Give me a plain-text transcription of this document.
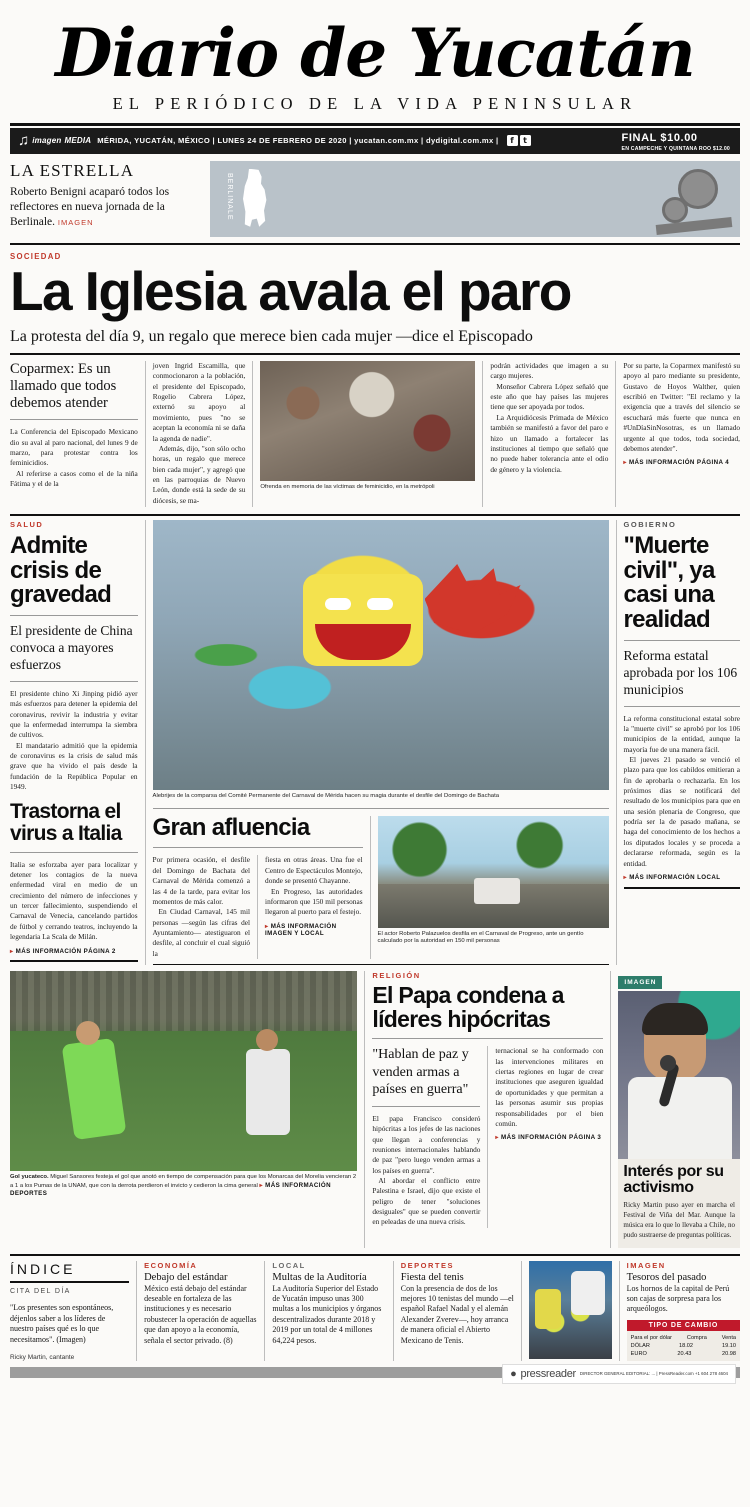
Diario de Yucatán
EL PERIÓDICO DE LA VIDA PENINSULAR
♫ imagen MEDIA MÉRIDA, YUCATÁN, MÉXICO | LUNES 24 DE FEBRERO DE 2020 | yucatan.com.mx | dydigital.com.mx |	f	t	FINAL $10.00
EN CAMPECHE Y QUINTANA ROO $12.00
LA ESTRELLA
Roberto Benigni acaparó todos los reflectores en nueva jornada de la Berlinale. IMAGEN
BERLINALE
SOCIEDAD
La Iglesia avala el paro
La protesta del día 9, un regalo que merece bien cada mujer —dice el Episcopado
Coparmex: Es un llamado que todos debemos atender

La Conferencia del Episcopado Mexicano dio su aval al paro nacional, del lunes 9 de marzo, para protestar contra los feminicidios.

Al referirse a casos como el de la niña Fátima y el de la

joven Ingrid Escamilla, que conmocionaron a la población, el presidente del Episcopado, Rogelio Cabrera López, externó su apoyo al movimiento, pues "no se aceptan la economía ni se daña la agenda de nadie".

Además, dijo, "son sólo ocho horas, un regalo que merece bien cada mujer", y agregó que en las parroquias de Nuevo León, donde está la sede de su diócesis, se ma-

Ofrenda en memoria de las víctimas de feminicidio, en la metrópoli

podrán actividades que imagen a su cargo mujeres.

Monseñor Cabrera López señaló que este año que hay países las mujeres tiene que ser apoyada por todos.

La Arquidiócesis Primada de México también se manifestó a favor del paro e hizo un llamado a fortalecer las instituciones al tiempo que señaló que no puede haber tolerancia ante el odio de género y la violencia.

Por su parte, la Coparmex manifestó su apoyo al paro mediante su presidente, Gustavo de Hoyos Walther, quien escribió en Twitter: "El reclamo y la exigencia que a través del silencio se escuchará más fuerte que nunca en #UnDíaSinNosotras, es un llamado urgente al que todos, toda sociedad, debemos atender".

▸ MÁS INFORMACIÓN PÁGINA 4
SALUD
Admite crisis de gravedad
El presidente de China convoca a mayores esfuerzos

El presidente chino Xi Jinping pidió ayer más esfuerzos para detener la epidemia del coronavirus, revivir la industria y evitar que la enfermedad interrumpa la siembra de cultivos.

El mandatario admitió que la epidemia de coronavirus es la crisis de salud más grave que ha vivido el país desde la fundación de la República Popular en 1949.

Trastorna el virus a Italia

Italia se esforzaba ayer para localizar y detener los contagios de la nueva enfermedad viral en medio de un crecimiento del número de infecciones y un tercer fallecimiento, suspendiendo el Carnaval de Venecia, cancelando partidos de fútbol y cerrando teatros, incluyendo la legendaria La Scala de Milán.

▸ MÁS INFORMACIÓN PÁGINA 2
Alebrijes de la comparsa del Comité Permanente del Carnaval de Mérida hacen su magia durante el desfile del Domingo de Bachata
Gran afluencia

Por primera ocasión, el desfile del Domingo de Bachata del Carnaval de Mérida comenzó a las 4 de la tarde, para evitar los momentos de más calor.

En Ciudad Carnaval, 145 mil personas —según las cifras del Ayuntamiento— atestiguaron el desfile, al concluir el cual siguió la

fiesta en otras áreas. Una fue el Centro de Espectáculos Montejo, donde se presentó Chayanne.

En Progreso, las autoridades informaron que 150 mil personas llegaron al puerto para el festejo.

▸ MÁS INFORMACIÓN IMAGEN Y LOCAL	El actor Roberto Palazuelos desfila en el Carnaval de Progreso, ante un gentío calculado por la autoridad en 150 mil personas
GOBIERNO
"Muerte civil", ya casi una realidad
Reforma estatal aprobada por los 106 municipios

La reforma constitucional estatal sobre la "muerte civil" se aprobó por los 106 municipios de la entidad, aunque la mayoría fue de una manera fácil.

El jueves 21 pasado se venció el plazo para que los cabildos emitieran a fin de aprobarla o rechazarla. En los próximos días se notificará del resultado de los municipios para que en una sesión plenaria de Congreso, que podría ser la de pasado mañana, se haga del conocimiento de los hechos a los diputados locales y se proceda a declararse reformada, según es la entidad.

▸ MÁS INFORMACIÓN LOCAL
Gol yucateco. Miguel Sansores festeja el gol que anotó en tiempo de compensación para que los Monarcas del Morelia vencieran 2 a 1 a los Pumas de la UNAM, que con la derrota perdieron el invicto y cedieron la cima general ▸ MÁS INFORMACIÓN DEPORTES
RELIGIÓN
El Papa condena a líderes hipócritas
"Hablan de paz y venden armas a países en guerra"

El papa Francisco consideró hipócritas a los jefes de las naciones que llegan a conferencias y reuniones internacionales hablando de paz "pero luego venden armas a los países en guerra".

Al abordar el conflicto entre Palestina e Israel, dijo que existe el peligro de tener "soluciones desiguales" que se pueden convertir en peleadas de una nueva crisis.

ternacional se ha conformado con las intervenciones militares en ciertas regiones en lugar de crear instituciones que aseguren igualdad de oportunidades y que permitan a las personas asumir sus propias responsabilidades por el bien común.

▸ MÁS INFORMACIÓN PÁGINA 3
IMAGEN
Interés por su activismo
Ricky Martin puso ayer en marcha el Festival de Viña del Mar. Aunque la música era lo que lo llevaba a Chile, no pudo sustraerse de preguntas políticas.
ÍNDICE
CITA DEL DÍA
"Los presentes son espontáneos, déjenlos saber a los líderes de nuestro países qué es lo que necesitamos". (Imagen)
Ricky Martin, cantante
ECONOMÍA
Debajo del estándar
México está debajo del estándar deseable en fortaleza de las instituciones y es necesario robustecer la operación de aquellas que dan apoyo a la economía, señala el sector privado. (8)
LOCAL
Multas de la Auditoría
La Auditoría Superior del Estado de Yucatán impuso unas 300 multas a los municipios y órganos descentralizados durante 2018 y 2019 por un total de 4 millones 64,224 pesos.
DEPORTES
Fiesta del tenis
Con la presencia de dos de los mejores 10 tenistas del mundo —el español Rafael Nadal y el alemán Alexander Zverev—, hoy arranca de manera oficial el Abierto Mexicano de Tenis.
IMAGEN
Tesoros del pasado
Los hornos de la capital de Perú son cajas de sorpresa para los arqueólogos.
TIPO DE CAMBIO
Para el por dólar	Compra	Venta
DÓLAR	18.02	19.10
EURO	20.43	20.98
● pressreader DIRECTOR GENERAL EDITORIAL: ... | PressReader.com +1 604 278 4604
